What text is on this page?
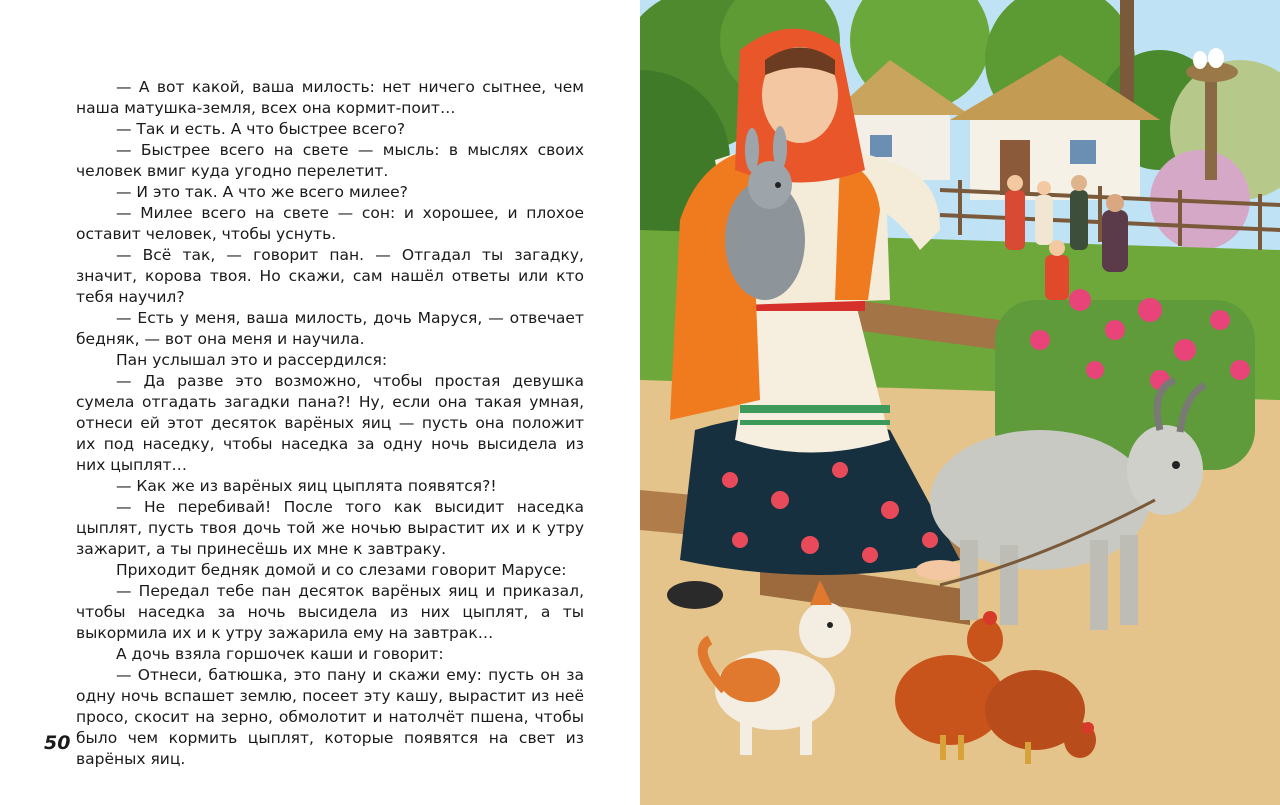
— А вот какой, ваша милость: нет ничего сытнее, чем наша матушка-земля, всех она кормит-поит…

— Так и есть. А что быстрее всего?

— Быстрее всего на свете — мысль: в мыслях своих человек вмиг куда угодно перелетит.

— И это так. А что же всего милее?

— Милее всего на свете — сон: и хорошее, и плохое оставит человек, чтобы уснуть.

— Всё так, — говорит пан. — Отгадал ты загадку, значит, корова твоя. Но скажи, сам нашёл ответы или кто тебя научил?

— Есть у меня, ваша милость, дочь Маруся, — отвечает бедняк, — вот она меня и научила.

Пан услышал это и рассердился:

— Да разве это возможно, чтобы простая девушка сумела отгадать загадки пана?! Ну, если она такая умная, отнеси ей этот десяток варёных яиц — пусть она положит их под наседку, чтобы наседка за одну ночь высидела из них цыплят…

— Как же из варёных яиц цыплята появятся?!

— Не перебивай! После того как высидит наседка цыплят, пусть твоя дочь той же ночью вырастит их и к утру зажарит, а ты принесёшь их мне к завтраку.

Приходит бедняк домой и со слезами говорит Марусе:

— Передал тебе пан десяток варёных яиц и приказал, чтобы наседка за ночь высидела из них цыплят, а ты выкормила их и к утру зажарила ему на завтрак…

А дочь взяла горшочек каши и говорит:

— Отнеси, батюшка, это пану и скажи ему: пусть он за одну ночь вспашет землю, посеет эту кашу, вырастит из неё просо, скосит на зерно, обмолотит и натолчёт пшена, чтобы было чем кормить цыплят, которые появятся на свет из варёных яиц.

50
